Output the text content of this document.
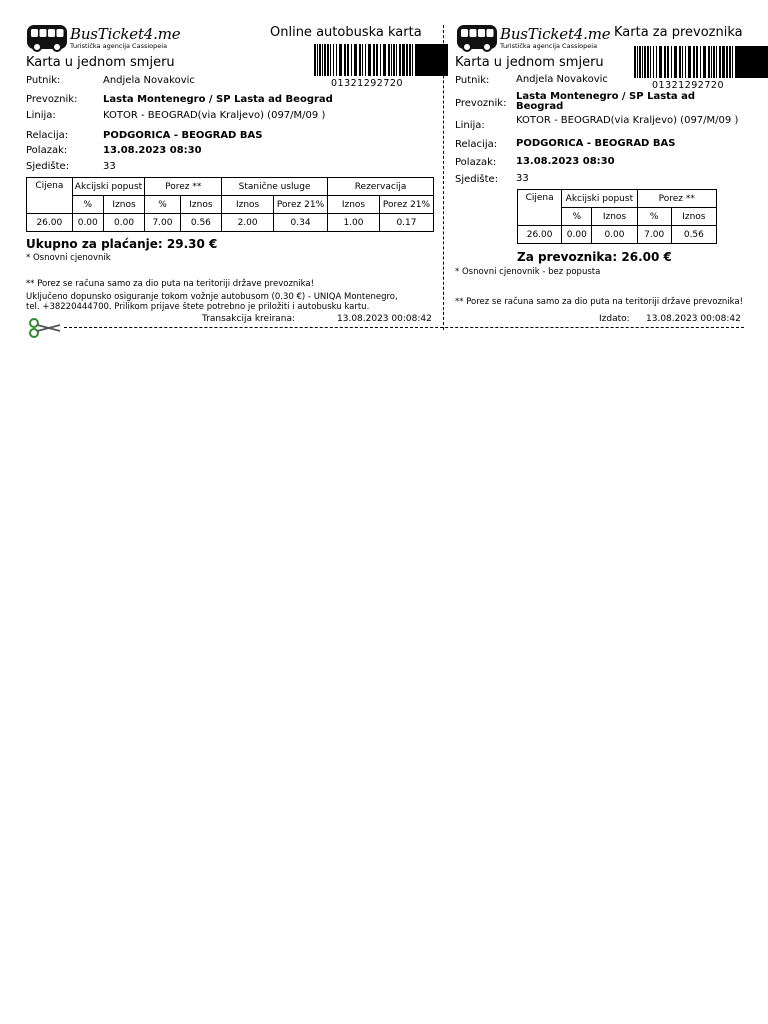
BusTicket4.me
Turistička agencija Cassiopeia
Online autobuska karta
Karta u jednom smjeru
01321292720
Putnik:	Andjela Novakovic
Prevoznik:	Lasta Montenegro / SP Lasta ad Beograd
Linija:	KOTOR - BEOGRAD(via Kraljevo) (097/M/09 )
Relacija:	PODGORICA - BEOGRAD BAS
Polazak:	13.08.2023 08:30
Sjedište:	33
Cijena	Akcijski popust		Porez **		Stanične usluge		Rezervacija	
	%	Iznos	%	Iznos	Iznos	Porez 21%	Iznos	Porez 21%
26.00	0.00	0.00	7.00	0.56	2.00	0.34	1.00	0.17
Ukupno za plaćanje: 29.30 €
* Osnovni cjenovnik
** Porez se računa samo za dio puta na teritoriji države prevoznika!
Uključeno dopunsko osiguranje tokom vožnje autobusom (0.30 €) - UNIQA Montenegro,
tel. +38220444700. Prilikom prijave štete potrebno je priložiti i autobusku kartu.
Transakcija kreirana:	13.08.2023 00:08:42
BusTicket4.me
Turistička agencija Cassiopeia
Karta za prevoznika
Karta u jednom smjeru
01321292720
Putnik:	Andjela Novakovic
Prevoznik:
Lasta Montenegro / SP Lasta ad Beograd
Linija:	KOTOR - BEOGRAD(via Kraljevo) (097/M/09 )
Relacija: PODGORICA - BEOGRAD BAS
Polazak: 13.08.2023 08:30
Sjedište: 33
Cijena	Akcijski popust		Porez **	
	%	Iznos	%	Iznos
26.00	0.00	0.00	7.00	0.56
Za prevoznika: 26.00 €
* Osnovni cjenovnik - bez popusta
** Porez se računa samo za dio puta na teritoriji države prevoznika!
Izdato: 13.08.2023 00:08:42
